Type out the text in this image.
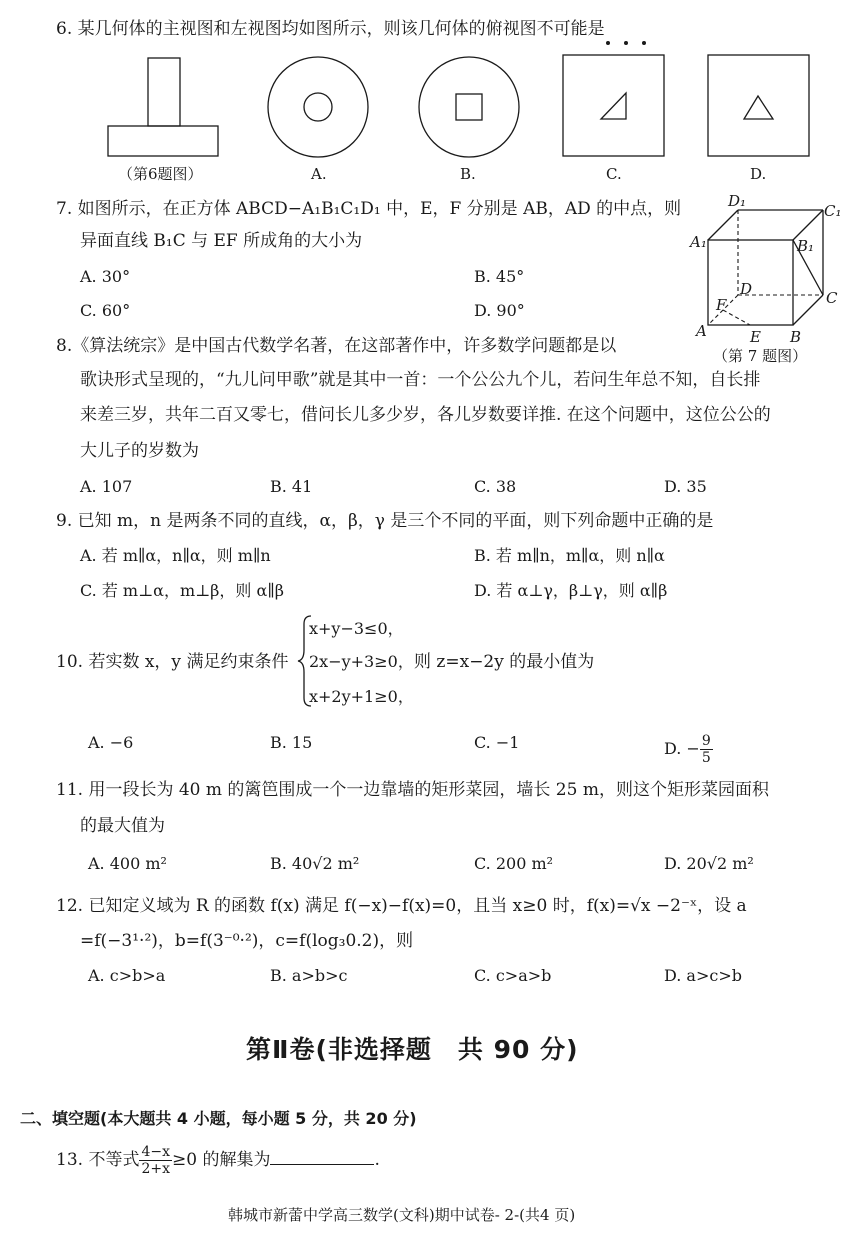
6. 某几何体的主视图和左视图均如图所示，则该几何体的俯视图不可能是
（第6题图）	A.	B.	C.	D.
7. 如图所示，在正方体 ABCD−A₁B₁C₁D₁ 中，E，F 分别是 AB，AD 的中点，则
异面直线 B₁C 与 EF 所成角的大小为
A. 30°	B. 45°
C. 60°	D. 90°
D₁
C₁
A₁	B₁
D	C
F
A	E B
（第 7 题图）
8.《算法统宗》是中国古代数学名著，在这部著作中，许多数学问题都是以
歌诀形式呈现的，“九儿问甲歌”就是其中一首：一个公公九个儿，若问生年总不知，自长排
来差三岁，共年二百又零七，借问长儿多少岁，各儿岁数要详推. 在这个问题中，这位公公的
大儿子的岁数为
A. 107	B. 41	C. 38	D. 35
9. 已知 m，n 是两条不同的直线，α，β，γ 是三个不同的平面，则下列命题中正确的是
A. 若 m∥α，n∥α，则 m∥n	B. 若 m∥n，m∥α，则 n∥α
C. 若 m⊥α，m⊥β，则 α∥β	D. 若 α⊥γ，β⊥γ，则 α∥β
10. 若实数 x，y 满足约束条件
x+y−3≤0，
2x−y+3≥0，
x+2y+1≥0，
则 z=x−2y 的最小值为
A. −6	B. 15	C. −1	D. − $\frac{9}{5}$
11. 用一段长为 40 m 的篱笆围成一个一边靠墙的矩形菜园，墙长 25 m，则这个矩形菜园面积
的最大值为
A. 400 m²	B. 40√2 m²	C. 200 m²	D. 20√2 m²
12. 已知定义域为 R 的函数 f(x) 满足 f(−x)−f(x)=0，且当 x≥0 时，f(x)=√x −2⁻ˣ，设 a
=f(−3¹·²)，b=f(3⁻⁰·²)，c=f(log₃0.2)，则
A. c>b>a	B. a>b>c	C. c>a>b	D. a>c>b
第Ⅱ卷(非选择题　共 90 分)
二、填空题(本大题共 4 小题，每小题 5 分，共 20 分)
13. 不等式 $\frac{4-x}{2+x} \ge 0$ 的解集为	.
韩城市新蕾中学高三数学(文科)期中试卷- 2-(共4 页)
